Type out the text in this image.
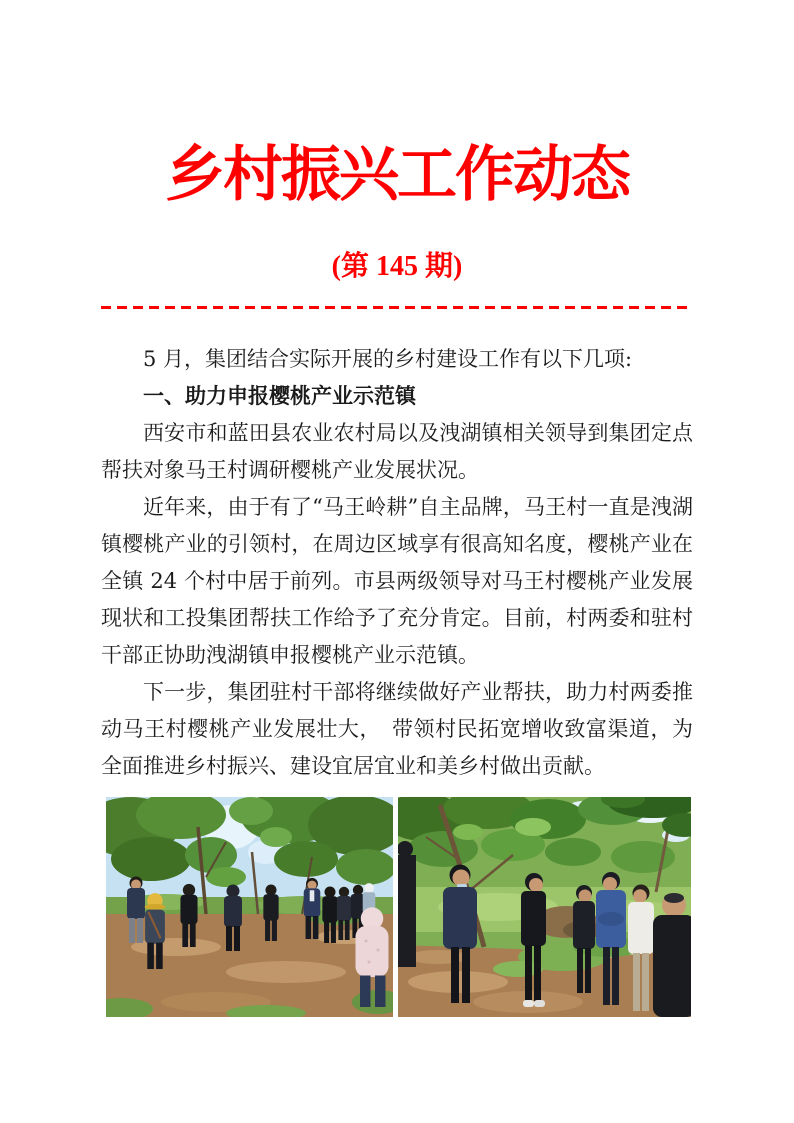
乡村振兴工作动态
(第 145 期)

5 月，集团结合实际开展的乡村建设工作有以下几项:

一、助力申报樱桃产业示范镇

西安市和蓝田县农业农村局以及洩湖镇相关领导到集团定点帮扶对象马王村调研樱桃产业发展状况。

近年来，由于有了“马王岭耕”自主品牌，马王村一直是洩湖镇樱桃产业的引领村，在周边区域享有很高知名度，樱桃产业在全镇 24 个村中居于前列。市县两级领导对马王村樱桃产业发展现状和工投集团帮扶工作给予了充分肯定。目前，村两委和驻村干部正协助洩湖镇申报樱桃产业示范镇。

下一步，集团驻村干部将继续做好产业帮扶，助力村两委推动马王村樱桃产业发展壮大，　带领村民拓宽增收致富渠道，为全面推进乡村振兴、建设宜居宜业和美乡村做出贡献。
